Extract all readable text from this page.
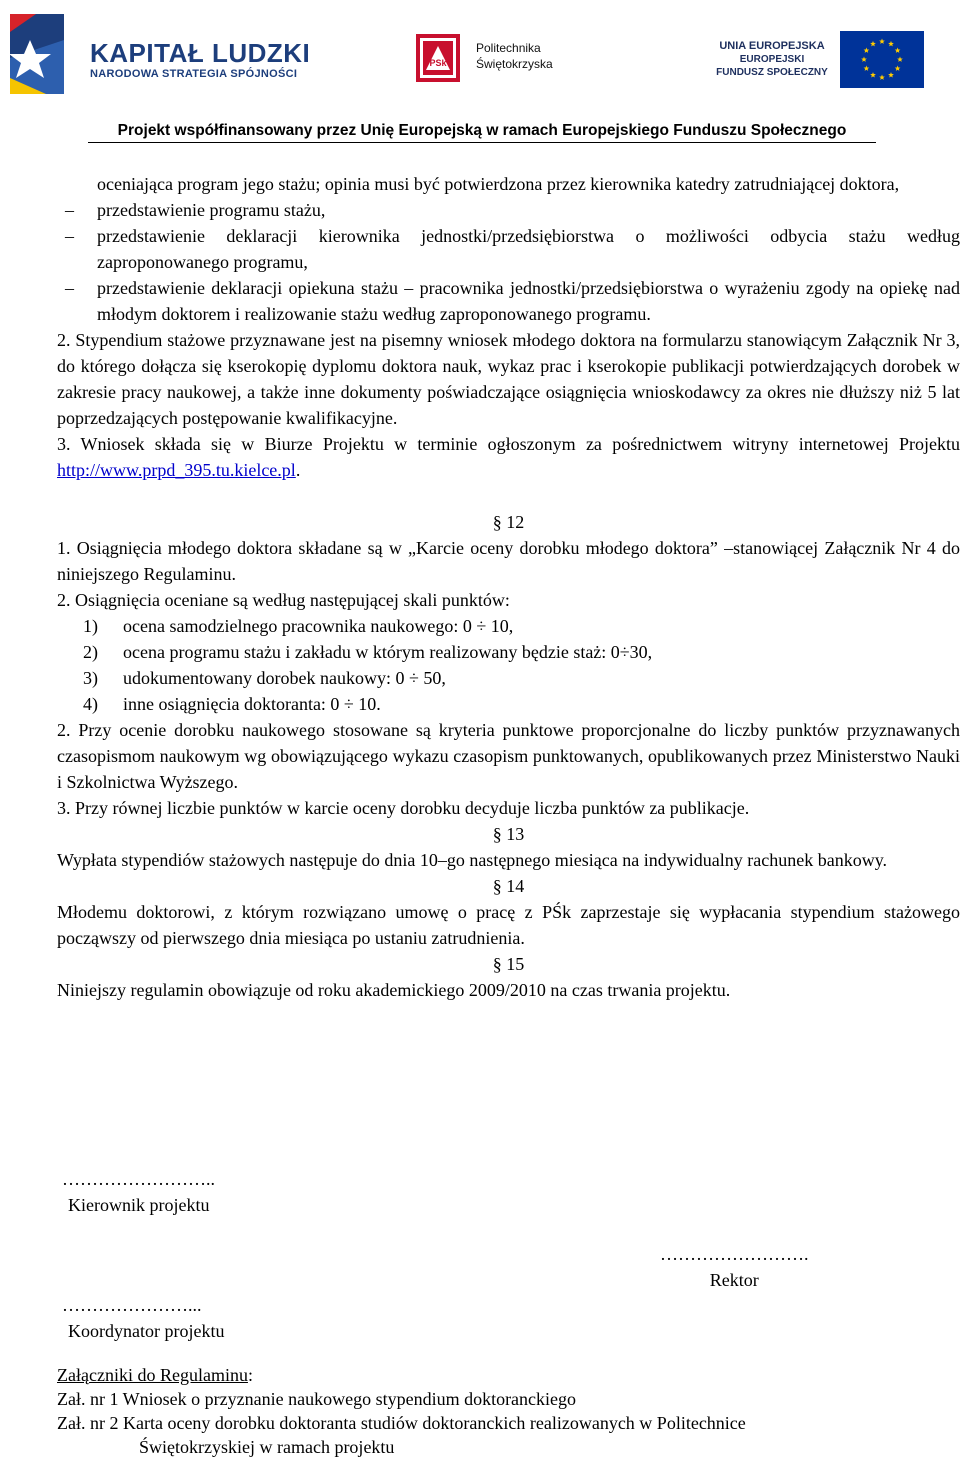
KAPITAŁ LUDZKI
NARODOWA STRATEGIA SPÓJNOŚCI
PSk
Politechnika
Świętokrzyska
UNIA EUROPEJSKA
EUROPEJSKI
FUNDUSZ SPOŁECZNY
Projekt współfinansowany przez Unię Europejską w ramach Europejskiego Funduszu Społecznego
oceniająca program jego stażu; opinia musi być potwierdzona przez kierownika katedry zatrudniającej doktora,
– przedstawienie programu stażu,
– przedstawienie deklaracji kierownika jednostki/przedsiębiorstwa o możliwości odbycia stażu według zaproponowanego programu,
– przedstawienie deklaracji opiekuna stażu – pracownika jednostki/przedsiębiorstwa o wyrażeniu zgody na opiekę nad młodym doktorem i realizowanie stażu według zaproponowanego programu.
2. Stypendium stażowe przyznawane jest na pisemny wniosek młodego doktora na formularzu stanowiącym Załącznik Nr 3, do którego dołącza się kserokopię dyplomu doktora nauk, wykaz prac i kserokopie publikacji potwierdzających dorobek w zakresie pracy naukowej, a także inne dokumenty poświadczające osiągnięcia wnioskodawcy za okres nie dłuższy niż 5 lat poprzedzających postępowanie kwalifikacyjne.
3. Wniosek składa się w Biurze Projektu w terminie ogłoszonym za pośrednictwem witryny internetowej Projektu http://www.prpd_395.tu.kielce.pl.
§ 12
1. Osiągnięcia młodego doktora składane są w „Karcie oceny dorobku młodego doktora” –stanowiącej Załącznik Nr 4 do niniejszego Regulaminu.
2. Osiągnięcia oceniane są według następującej skali punktów:
1) ocena samodzielnego pracownika naukowego: 0 ÷ 10,
2) ocena programu stażu i zakładu w którym realizowany będzie staż: 0÷30,
3) udokumentowany dorobek naukowy: 0 ÷ 50,
4) inne osiągnięcia doktoranta: 0 ÷ 10.
2. Przy ocenie dorobku naukowego stosowane są kryteria punktowe proporcjonalne do liczby punktów przyznawanych czasopismom naukowym wg obowiązującego wykazu czasopism punktowanych, opublikowanych przez Ministerstwo Nauki i Szkolnictwa Wyższego.
3. Przy równej liczbie punktów w karcie oceny dorobku decyduje liczba punktów za publikacje.
§ 13
Wypłata stypendiów stażowych następuje do dnia 10–go następnego miesiąca na indywidualny rachunek bankowy.
§ 14
Młodemu doktorowi, z którym rozwiązano umowę o pracę z PŚk zaprzestaje się wypłacania stypendium stażowego począwszy od pierwszego dnia miesiąca po ustaniu zatrudnienia.
§ 15
Niniejszy regulamin obowiązuje od roku akademickiego 2009/2010 na czas trwania projektu.
……………………..
Kierownik projektu
…………………….
Rektor
…………………...
Koordynator projektu
Załączniki do Regulaminu:
Zał. nr 1 Wniosek o przyznanie naukowego stypendium doktoranckiego
Zał. nr 2 Karta oceny dorobku doktoranta studiów doktoranckich realizowanych w Politechnice
Świętokrzyskiej w ramach projektu
